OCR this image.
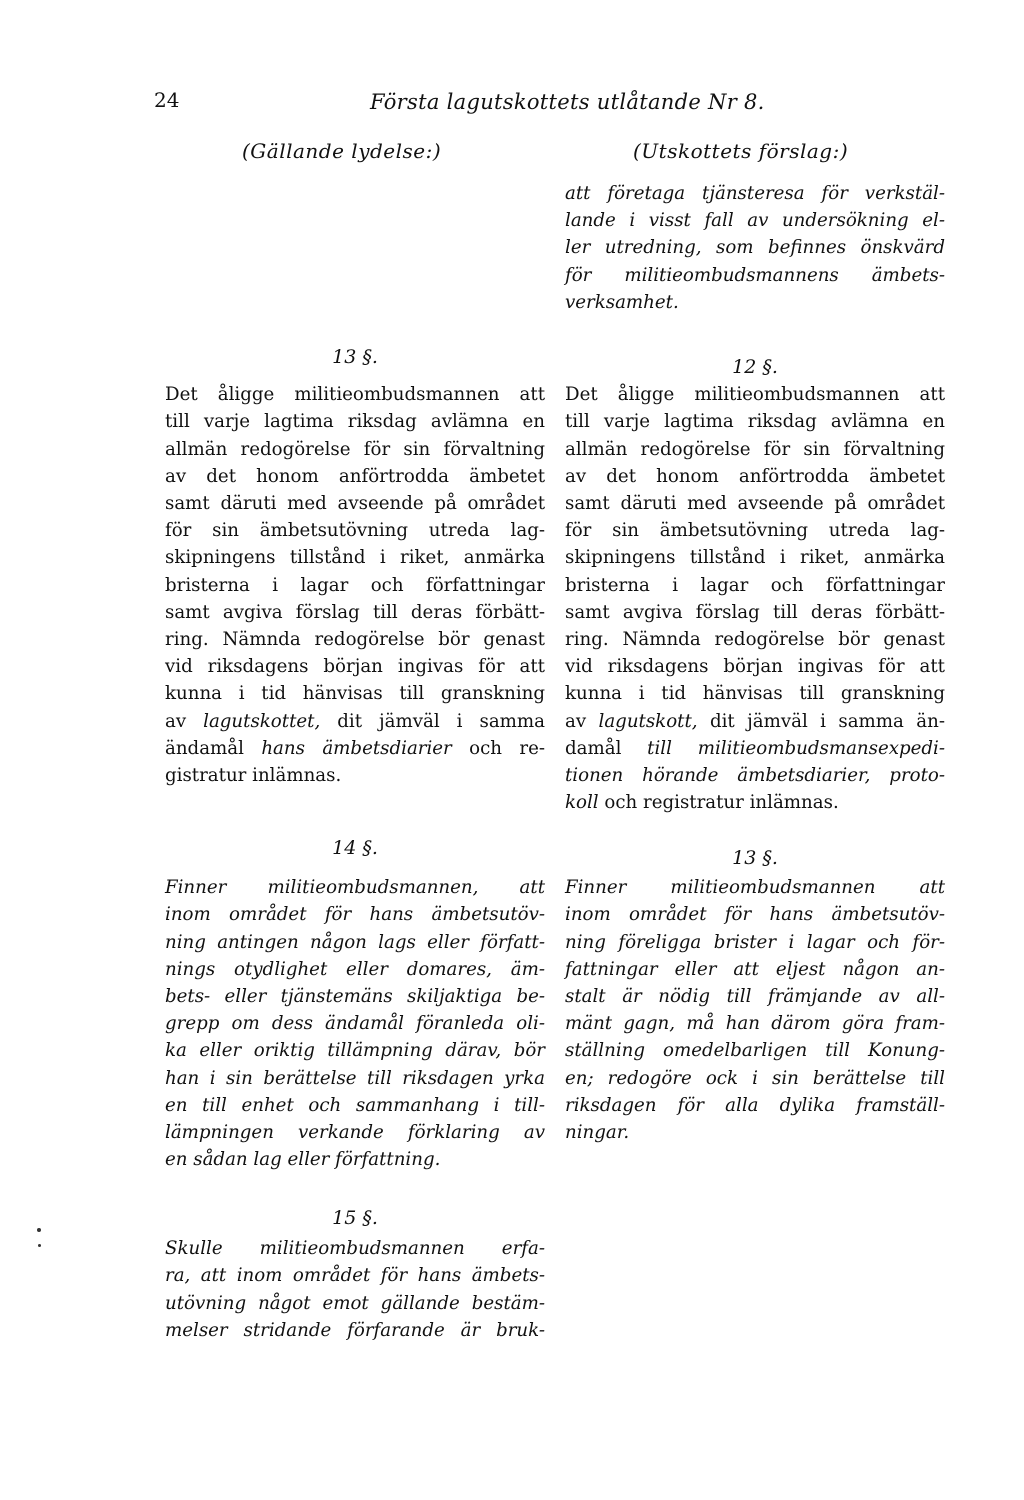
24	Första lagutskottets utlåtande Nr 8.
(Gällande lydelse:)	(Utskottets förslag:)
att företaga tjänsteresa för verkstäl-
lande i visst fall av undersökning el-
ler utredning, som befinnes önskvärd
för militieombudsmannens ämbets-
verksamhet.
13 §.
Det åligge militieombudsmannen att
till varje lagtima riksdag avlämna en
allmän redogörelse för sin förvaltning
av det honom anförtrodda ämbetet
samt däruti med avseende på området
för sin ämbetsutövning utreda lag-
skipningens tillstånd i riket, anmärka
bristerna i lagar och författningar
samt avgiva förslag till deras förbätt-
ring. Nämnda redogörelse bör genast
vid riksdagens början ingivas för att
kunna i tid hänvisas till granskning
av lagutskottet, dit jämväl i samma
ändamål hans ämbetsdiarier och re-
gistratur inlämnas.
12 §.
Det åligge militieombudsmannen att
till varje lagtima riksdag avlämna en
allmän redogörelse för sin förvaltning
av det honom anförtrodda ämbetet
samt däruti med avseende på området
för sin ämbetsutövning utreda lag-
skipningens tillstånd i riket, anmärka
bristerna i lagar och författningar
samt avgiva förslag till deras förbätt-
ring. Nämnda redogörelse bör genast
vid riksdagens början ingivas för att
kunna i tid hänvisas till granskning
av lagutskott, dit jämväl i samma än-
damål till militieombudsmansexpedi-
tionen hörande ämbetsdiarier, proto-
koll och registratur inlämnas.
14 §.
Finner militieombudsmannen, att
inom området för hans ämbetsutöv-
ning antingen någon lags eller författ-
nings otydlighet eller domares, äm-
bets- eller tjänstemäns skiljaktiga be-
grepp om dess ändamål föranleda oli-
ka eller oriktig tillämpning därav, bör
han i sin berättelse till riksdagen yrka
en till enhet och sammanhang i till-
lämpningen verkande förklaring av
en sådan lag eller författning.
13 §.
Finner militieombudsmannen att
inom området för hans ämbetsutöv-
ning föreligga brister i lagar och för-
fattningar eller att eljest någon an-
stalt är nödig till främjande av all-
mänt gagn, må han därom göra fram-
ställning omedelbarligen till Konung-
en; redogöre ock i sin berättelse till
riksdagen för alla dylika framställ-
ningar.
15 §.
Skulle militieombudsmannen erfa-
ra, att inom området för hans ämbets-
utövning något emot gällande bestäm-
melser stridande förfarande är bruk-
